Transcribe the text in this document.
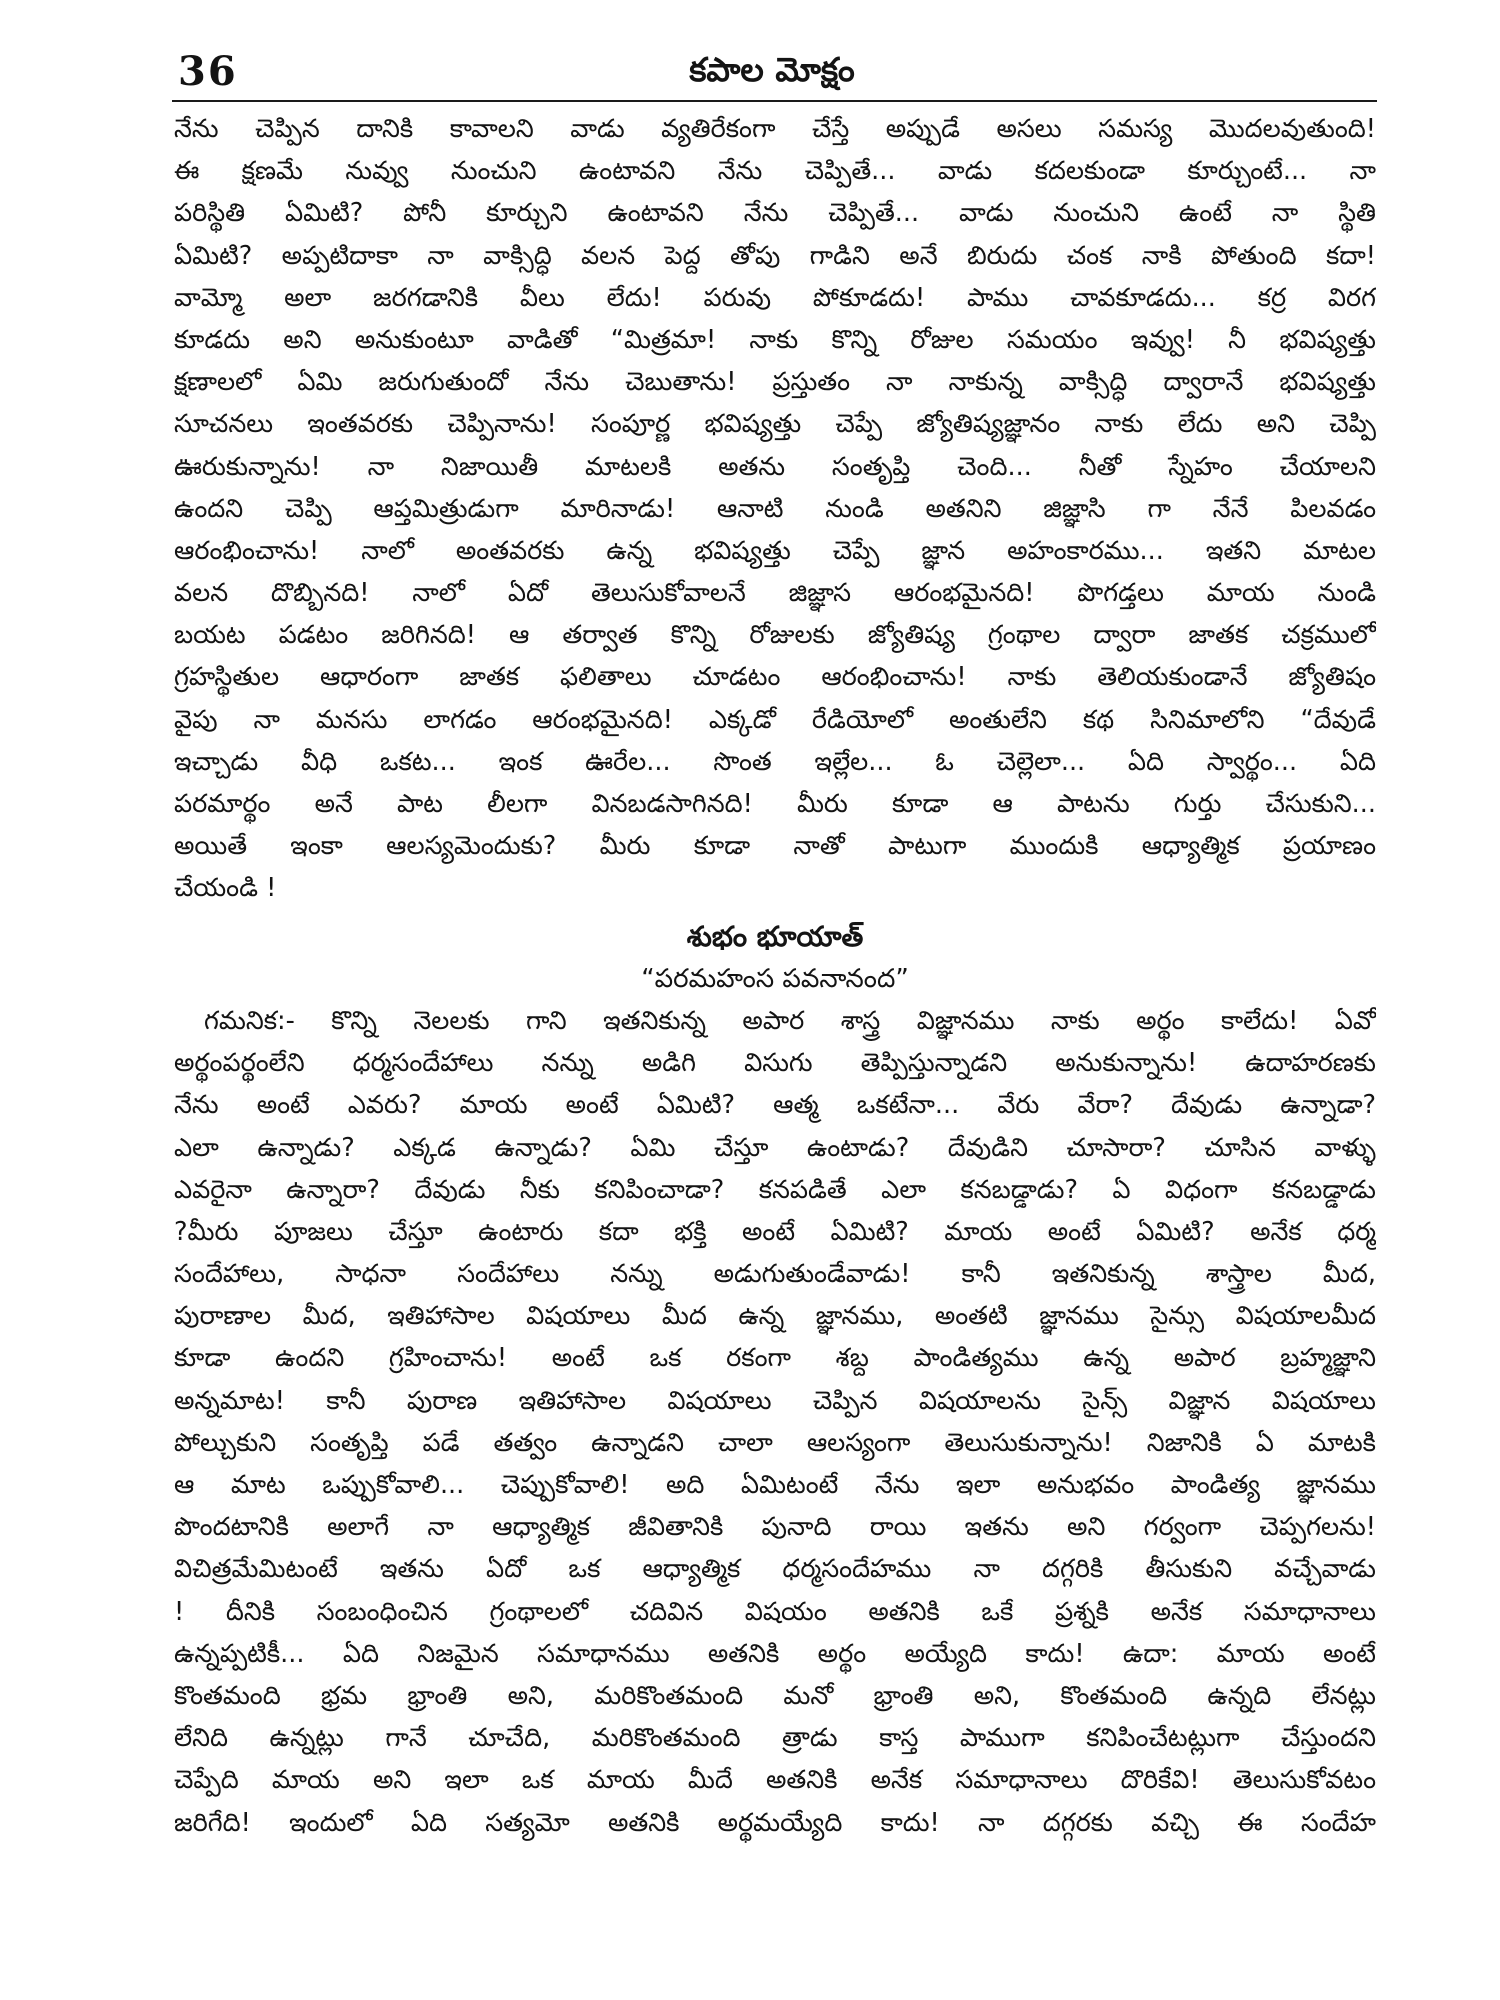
36	కపాల మోక్షం
నేను చెప్పిన దానికి కావాలని వాడు వ్యతిరేకంగా చేస్తే అప్పుడే అసలు సమస్య మొదలవుతుంది!
ఈ క్షణమే నువ్వు నుంచుని ఉంటావని నేను చెప్పితే... వాడు కదలకుండా కూర్చుంటే... నా
పరిస్థితి ఏమిటి? పోనీ కూర్చుని ఉంటావని నేను చెప్పితే... వాడు నుంచుని ఉంటే నా స్థితి
ఏమిటి? అప్పటిదాకా నా వాక్సిద్ధి వలన పెద్ద తోపు గాడిని అనే బిరుదు చంక నాకి పోతుంది కదా!
వామ్మో అలా జరగడానికి వీలు లేదు! పరువు పోకూడదు! పాము చావకూడదు... కర్ర విరగ
కూడదు అని అనుకుంటూ వాడితో “మిత్రమా! నాకు కొన్ని రోజుల సమయం ఇవ్వు! నీ భవిష్యత్తు
క్షణాలలో ఏమి జరుగుతుందో నేను చెబుతాను! ప్రస్తుతం నా నాకున్న వాక్సిద్ధి ద్వారానే భవిష్యత్తు
సూచనలు ఇంతవరకు చెప్పినాను! సంపూర్ణ భవిష్యత్తు చెప్పే జ్యోతిష్యజ్ఞానం నాకు లేదు అని చెప్పి
ఊరుకున్నాను! నా నిజాయితీ మాటలకి అతను సంతృప్తి చెంది... నీతో స్నేహం చేయాలని
ఉందని చెప్పి ఆప్తమిత్రుడుగా మారినాడు! ఆనాటి నుండి అతనిని జిజ్ఞాసి గా నేనే పిలవడం
ఆరంభించాను! నాలో అంతవరకు ఉన్న భవిష్యత్తు చెప్పే జ్ఞాన అహంకారము... ఇతని మాటల
వలన దొబ్బినది! నాలో ఏదో తెలుసుకోవాలనే జిజ్ఞాస ఆరంభమైనది! పొగడ్తలు మాయ నుండి
బయట పడటం జరిగినది! ఆ తర్వాత కొన్ని రోజులకు జ్యోతిష్య గ్రంథాల ద్వారా జాతక చక్రములో
గ్రహస్థితుల ఆధారంగా జాతక ఫలితాలు చూడటం ఆరంభించాను! నాకు తెలియకుండానే జ్యోతిషం
వైపు నా మనసు లాగడం ఆరంభమైనది! ఎక్కడో రేడియోలో అంతులేని కథ సినిమాలోని “దేవుడే
ఇచ్చాడు వీధి ఒకట... ఇంక ఊరేల... సొంత ఇల్లేల... ఓ చెల్లెలా... ఏది స్వార్థం... ఏది
పరమార్థం అనే పాట లీలగా వినబడసాగినది! మీరు కూడా ఆ పాటను గుర్తు చేసుకుని...
అయితే ఇంకా ఆలస్యమెందుకు? మీరు కూడా నాతో పాటుగా ముందుకి ఆధ్యాత్మిక ప్రయాణం
చేయండి !
శుభం భూయాత్
“పరమహంస పవనానంద”
గమనిక:- కొన్ని నెలలకు గాని ఇతనికున్న అపార శాస్త్ర విజ్ఞానము నాకు అర్థం కాలేదు! ఏవో
అర్థంపర్థంలేని ధర్మసందేహాలు నన్ను అడిగి విసుగు తెప్పిస్తున్నాడని అనుకున్నాను! ఉదాహరణకు
నేను అంటే ఎవరు? మాయ అంటే ఏమిటి? ఆత్మ ఒకటేనా... వేరు వేరా? దేవుడు ఉన్నాడా?
ఎలా ఉన్నాడు? ఎక్కడ ఉన్నాడు? ఏమి చేస్తూ ఉంటాడు? దేవుడిని చూసారా? చూసిన వాళ్ళు
ఎవరైనా ఉన్నారా? దేవుడు నీకు కనిపించాడా? కనపడితే ఎలా కనబడ్డాడు? ఏ విధంగా కనబడ్డాడు
?మీరు పూజలు చేస్తూ ఉంటారు కదా భక్తి అంటే ఏమిటి? మాయ అంటే ఏమిటి? అనేక ధర్మ
సందేహాలు, సాధనా సందేహాలు నన్ను అడుగుతుండేవాడు! కానీ ఇతనికున్న శాస్త్రాల మీద,
పురాణాల మీద, ఇతిహాసాల విషయాలు మీద ఉన్న జ్ఞానము, అంతటి జ్ఞానము సైన్సు విషయాలమీద
కూడా ఉందని గ్రహించాను! అంటే ఒక రకంగా శబ్ద పాండిత్యము ఉన్న అపార బ్రహ్మజ్ఞాని
అన్నమాట! కానీ పురాణ ఇతిహాసాల విషయాలు చెప్పిన విషయాలను సైన్స్ విజ్ఞాన విషయాలు
పోల్చుకుని సంతృప్తి పడే తత్వం ఉన్నాడని చాలా ఆలస్యంగా తెలుసుకున్నాను! నిజానికి ఏ మాటకి
ఆ మాట ఒప్పుకోవాలి... చెప్పుకోవాలి! అది ఏమిటంటే నేను ఇలా అనుభవం పాండిత్య జ్ఞానము
పొందటానికి అలాగే నా ఆధ్యాత్మిక జీవితానికి పునాది రాయి ఇతను అని గర్వంగా చెప్పగలను!
విచిత్రమేమిటంటే ఇతను ఏదో ఒక ఆధ్యాత్మిక ధర్మసందేహము నా దగ్గరికి తీసుకుని వచ్చేవాడు
! దీనికి సంబంధించిన గ్రంథాలలో చదివిన విషయం అతనికి ఒకే ప్రశ్నకి అనేక సమాధానాలు
ఉన్నప్పటికీ... ఏది నిజమైన సమాధానము అతనికి అర్థం అయ్యేది కాదు! ఉదా: మాయ అంటే
కొంతమంది భ్రమ భ్రాంతి అని, మరికొంతమంది మనో భ్రాంతి అని, కొంతమంది ఉన్నది లేనట్లు
లేనిది ఉన్నట్లు గానే చూచేది, మరికొంతమంది త్రాడు కాస్త పాముగా కనిపించేటట్లుగా చేస్తుందని
చెప్పేది మాయ అని ఇలా ఒక మాయ మీదే అతనికి అనేక సమాధానాలు దొరికేవి! తెలుసుకోవటం
జరిగేది! ఇందులో ఏది సత్యమో అతనికి అర్థమయ్యేది కాదు! నా దగ్గరకు వచ్చి ఈ సందేహ
